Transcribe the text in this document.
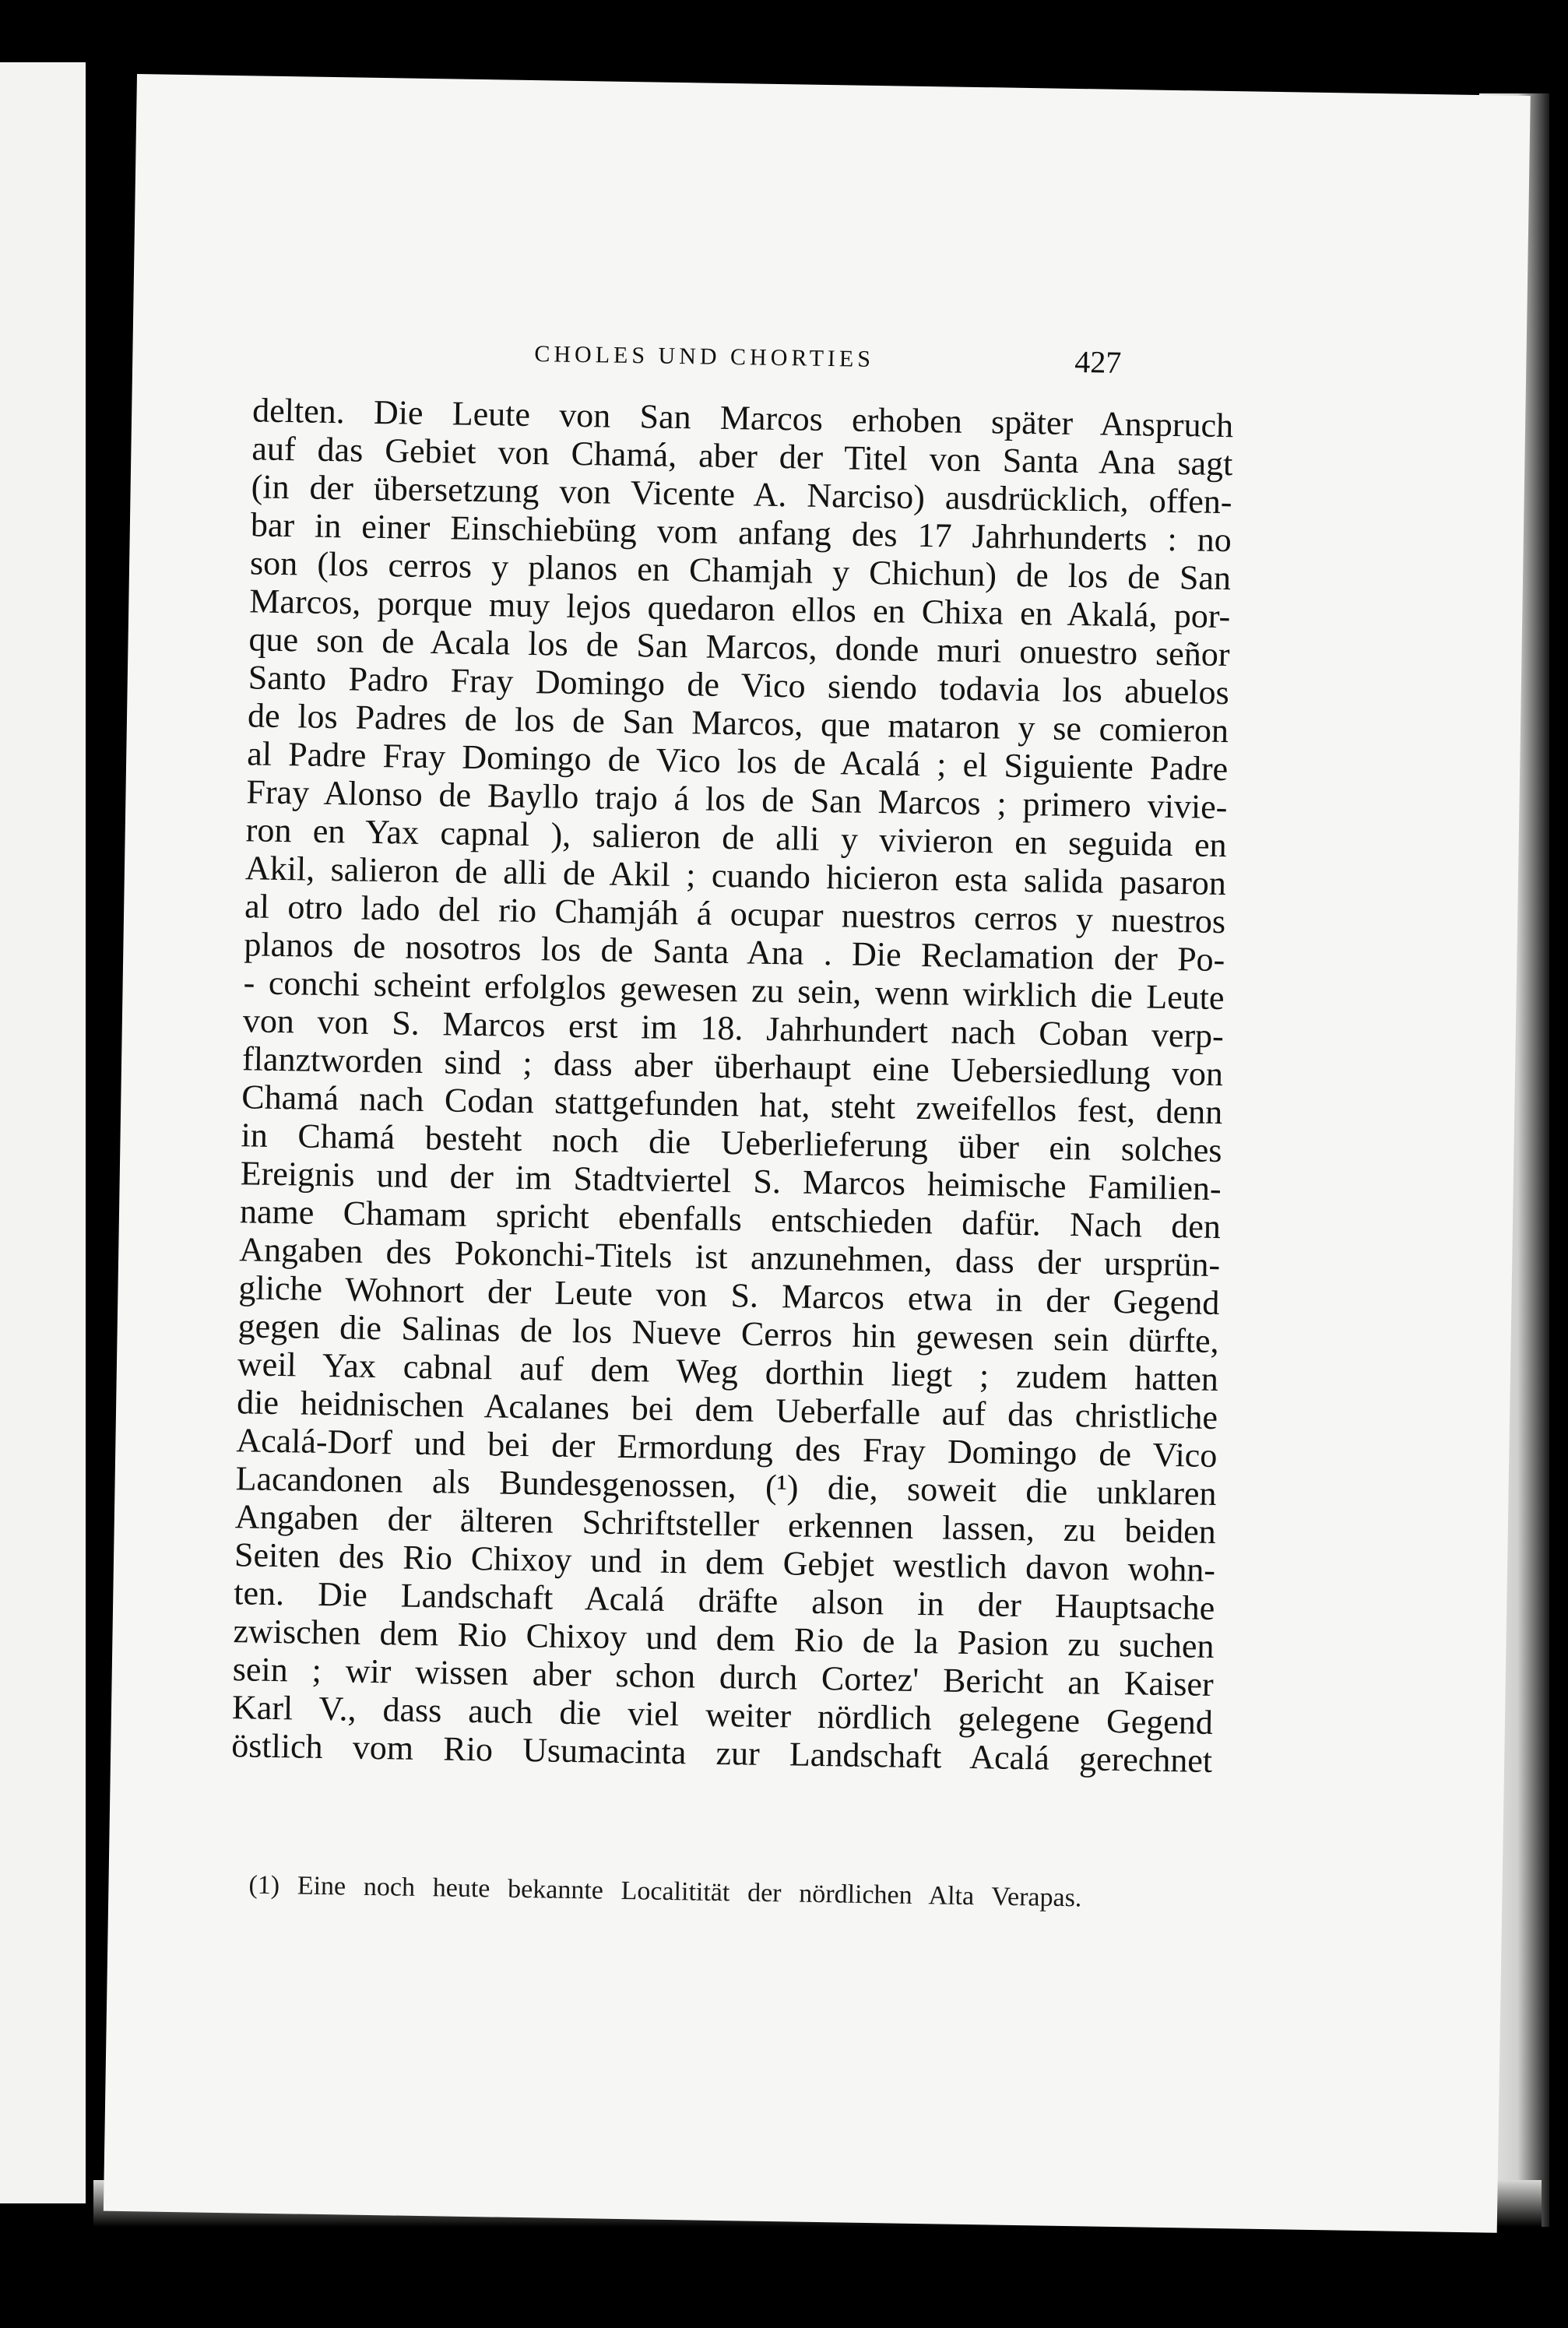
CHOLES UND CHORTIES	427
delten. Die Leute von San Marcos erhoben später Anspruch
auf das Gebiet von Chamá, aber der Titel von Santa Ana sagt
(in der übersetzung von Vicente A. Narciso) ausdrücklich, offen-
bar in einer Einschiebüng vom anfang des 17 Jahrhunderts : no
son (los cerros y planos en Chamjah y Chichun) de los de San
Marcos, porque muy lejos quedaron ellos en Chixa en Akalá, por-
que son de Acala los de San Marcos, donde muri onuestro señor
Santo Padro Fray Domingo de Vico siendo todavia los abuelos
de los Padres de los de San Marcos, que mataron y se comieron
al Padre Fray Domingo de Vico los de Acalá ; el Siguiente Padre
Fray Alonso de Bayllo trajo á los de San Marcos ; primero vivie-
ron en Yax capnal ), salieron de alli y vivieron en seguida en
Akil, salieron de alli de Akil ; cuando hicieron esta salida pasaron
al otro lado del rio Chamjáh á ocupar nuestros cerros y nuestros
planos de nosotros los de Santa Ana . Die Reclamation der Po-
- conchi scheint erfolglos gewesen zu sein, wenn wirklich die Leute
von von S. Marcos erst im 18. Jahrhundert nach Coban verp-
flanztworden sind ; dass aber überhaupt eine Uebersiedlung von
Chamá nach Codan stattgefunden hat, steht zweifellos fest, denn
in Chamá besteht noch die Ueberlieferung über ein solches
Ereignis und der im Stadtviertel S. Marcos heimische Familien-
name Chamam spricht ebenfalls entschieden dafür. Nach den
Angaben des Pokonchi-Titels ist anzunehmen, dass der ursprün-
gliche Wohnort der Leute von S. Marcos etwa in der Gegend
gegen die Salinas de los Nueve Cerros hin gewesen sein dürfte,
weil Yax cabnal auf dem Weg dorthin liegt ; zudem hatten
die heidnischen Acalanes bei dem Ueberfalle auf das christliche
Acalá-Dorf und bei der Ermordung des Fray Domingo de Vico
Lacandonen als Bundesgenossen, (¹) die, soweit die unklaren
Angaben der älteren Schriftsteller erkennen lassen, zu beiden
Seiten des Rio Chixoy und in dem Gebjet westlich davon wohn-
ten. Die Landschaft Acalá dräfte alson in der Hauptsache
zwischen dem Rio Chixoy und dem Rio de la Pasion zu suchen
sein ; wir wissen aber schon durch Cortez' Bericht an Kaiser
Karl V., dass auch die viel weiter nördlich gelegene Gegend
östlich vom Rio Usumacinta zur Landschaft Acalá gerechnet
(1) Eine noch heute bekannte Localitität der nördlichen Alta Verapas.
